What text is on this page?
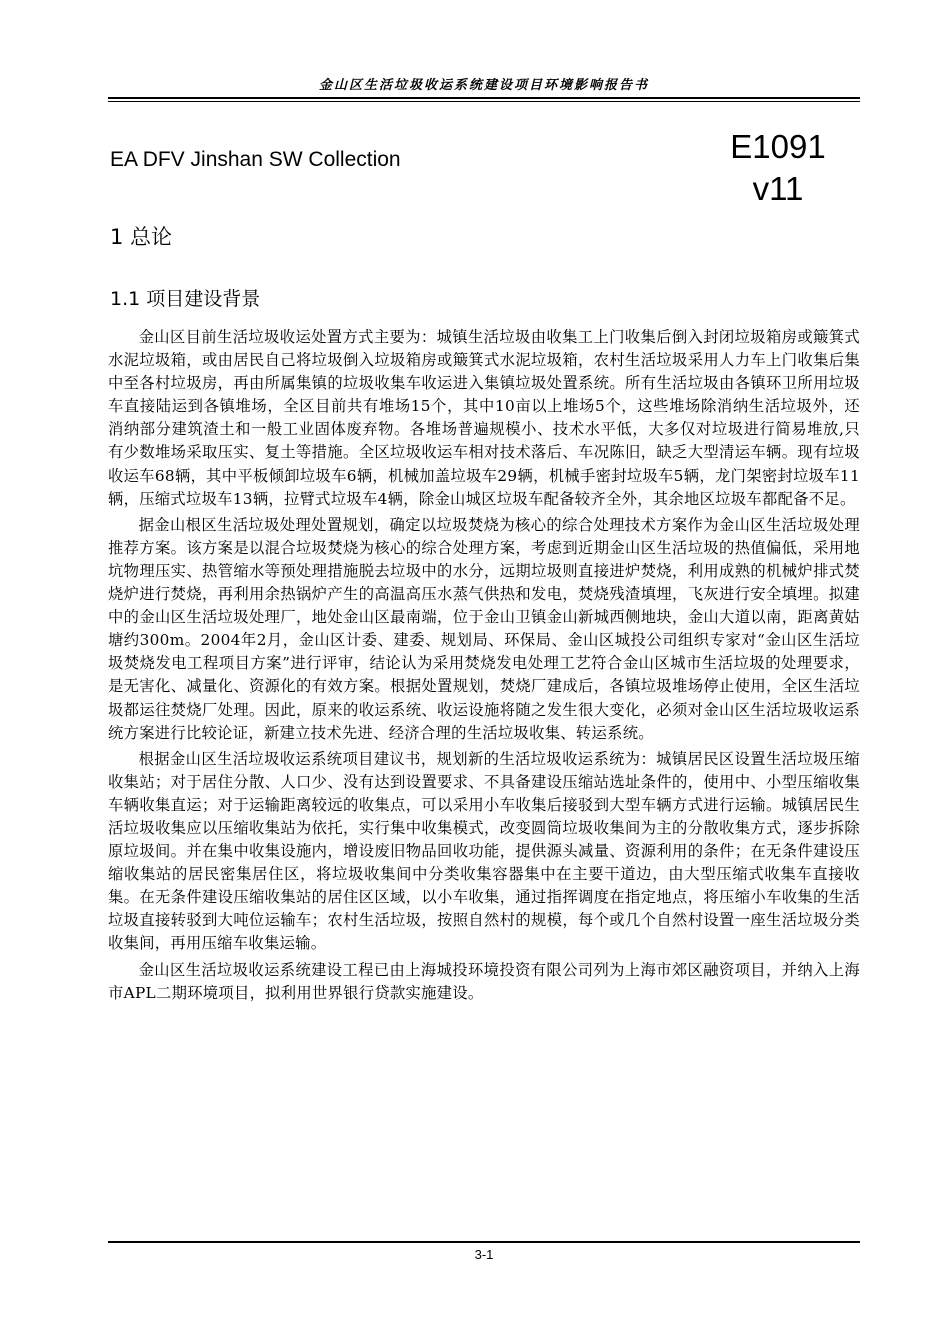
金山区生活垃圾收运系统建设项目环境影响报告书
EA DFV Jinshan SW Collection	E1091
v11
1 总论
1.1 项目建设背景

金山区目前生活垃圾收运处置方式主要为：城镇生活垃圾由收集工上门收集后倒入封闭垃圾箱房或簸箕式水泥垃圾箱，或由居民自己将垃圾倒入垃圾箱房或簸箕式水泥垃圾箱，农村生活垃圾采用人力车上门收集后集中至各村垃圾房，再由所属集镇的垃圾收集车收运进入集镇垃圾处置系统。所有生活垃圾由各镇环卫所用垃圾车直接陆运到各镇堆场，全区目前共有堆场15个，其中10亩以上堆场5个，这些堆场除消纳生活垃圾外，还消纳部分建筑渣土和一般工业固体废弃物。各堆场普遍规模小、技术水平低，大多仅对垃圾进行简易堆放,只有少数堆场采取压实、复土等措施。全区垃圾收运车相对技术落后、车况陈旧，缺乏大型清运车辆。现有垃圾收运车68辆，其中平板倾卸垃圾车6辆，机械加盖垃圾车29辆，机械手密封垃圾车5辆，龙门架密封垃圾车11辆，压缩式垃圾车13辆，拉臂式垃圾车4辆，除金山城区垃圾车配备较齐全外，其余地区垃圾车都配备不足。

据金山根区生活垃圾处理处置规划，确定以垃圾焚烧为核心的综合处理技术方案作为金山区生活垃圾处理推荐方案。该方案是以混合垃圾焚烧为核心的综合处理方案，考虑到近期金山区生活垃圾的热值偏低，采用地坑物理压实、热管缩水等预处理措施脱去垃圾中的水分，远期垃圾则直接进炉焚烧，利用成熟的机械炉排式焚烧炉进行焚烧，再利用余热锅炉产生的高温高压水蒸气供热和发电，焚烧残渣填埋，飞灰进行安全填埋。拟建中的金山区生活垃圾处理厂，地处金山区最南端，位于金山卫镇金山新城西侧地块，金山大道以南，距离黄姑塘约300m。2004年2月，金山区计委、建委、规划局、环保局、金山区城投公司组织专家对“金山区生活垃圾焚烧发电工程项目方案”进行评审，结论认为采用焚烧发电处理工艺符合金山区城市生活垃圾的处理要求，是无害化、减量化、资源化的有效方案。根据处置规划，焚烧厂建成后，各镇垃圾堆场停止使用，全区生活垃圾都运往焚烧厂处理。因此，原来的收运系统、收运设施将随之发生很大变化，必须对金山区生活垃圾收运系统方案进行比较论证，新建立技术先进、经济合理的生活垃圾收集、转运系统。

根据金山区生活垃圾收运系统项目建议书，规划新的生活垃圾收运系统为：城镇居民区设置生活垃圾压缩收集站；对于居住分散、人口少、没有达到设置要求、不具备建设压缩站选址条件的，使用中、小型压缩收集车辆收集直运；对于运输距离较远的收集点，可以采用小车收集后接驳到大型车辆方式进行运输。城镇居民生活垃圾收集应以压缩收集站为依托，实行集中收集模式，改变圆筒垃圾收集间为主的分散收集方式，逐步拆除原垃圾间。并在集中收集设施内，增设废旧物品回收功能，提供源头减量、资源利用的条件；在无条件建设压缩收集站的居民密集居住区，将垃圾收集间中分类收集容器集中在主要干道边，由大型压缩式收集车直接收集。在无条件建设压缩收集站的居住区区域，以小车收集，通过指挥调度在指定地点，将压缩小车收集的生活垃圾直接转驳到大吨位运输车；农村生活垃圾，按照自然村的规模，每个或几个自然村设置一座生活垃圾分类收集间，再用压缩车收集运输。

金山区生活垃圾收运系统建设工程已由上海城投环境投资有限公司列为上海市郊区融资项目，并纳入上海市APL二期环境项目，拟利用世界银行贷款实施建设。

3-1
